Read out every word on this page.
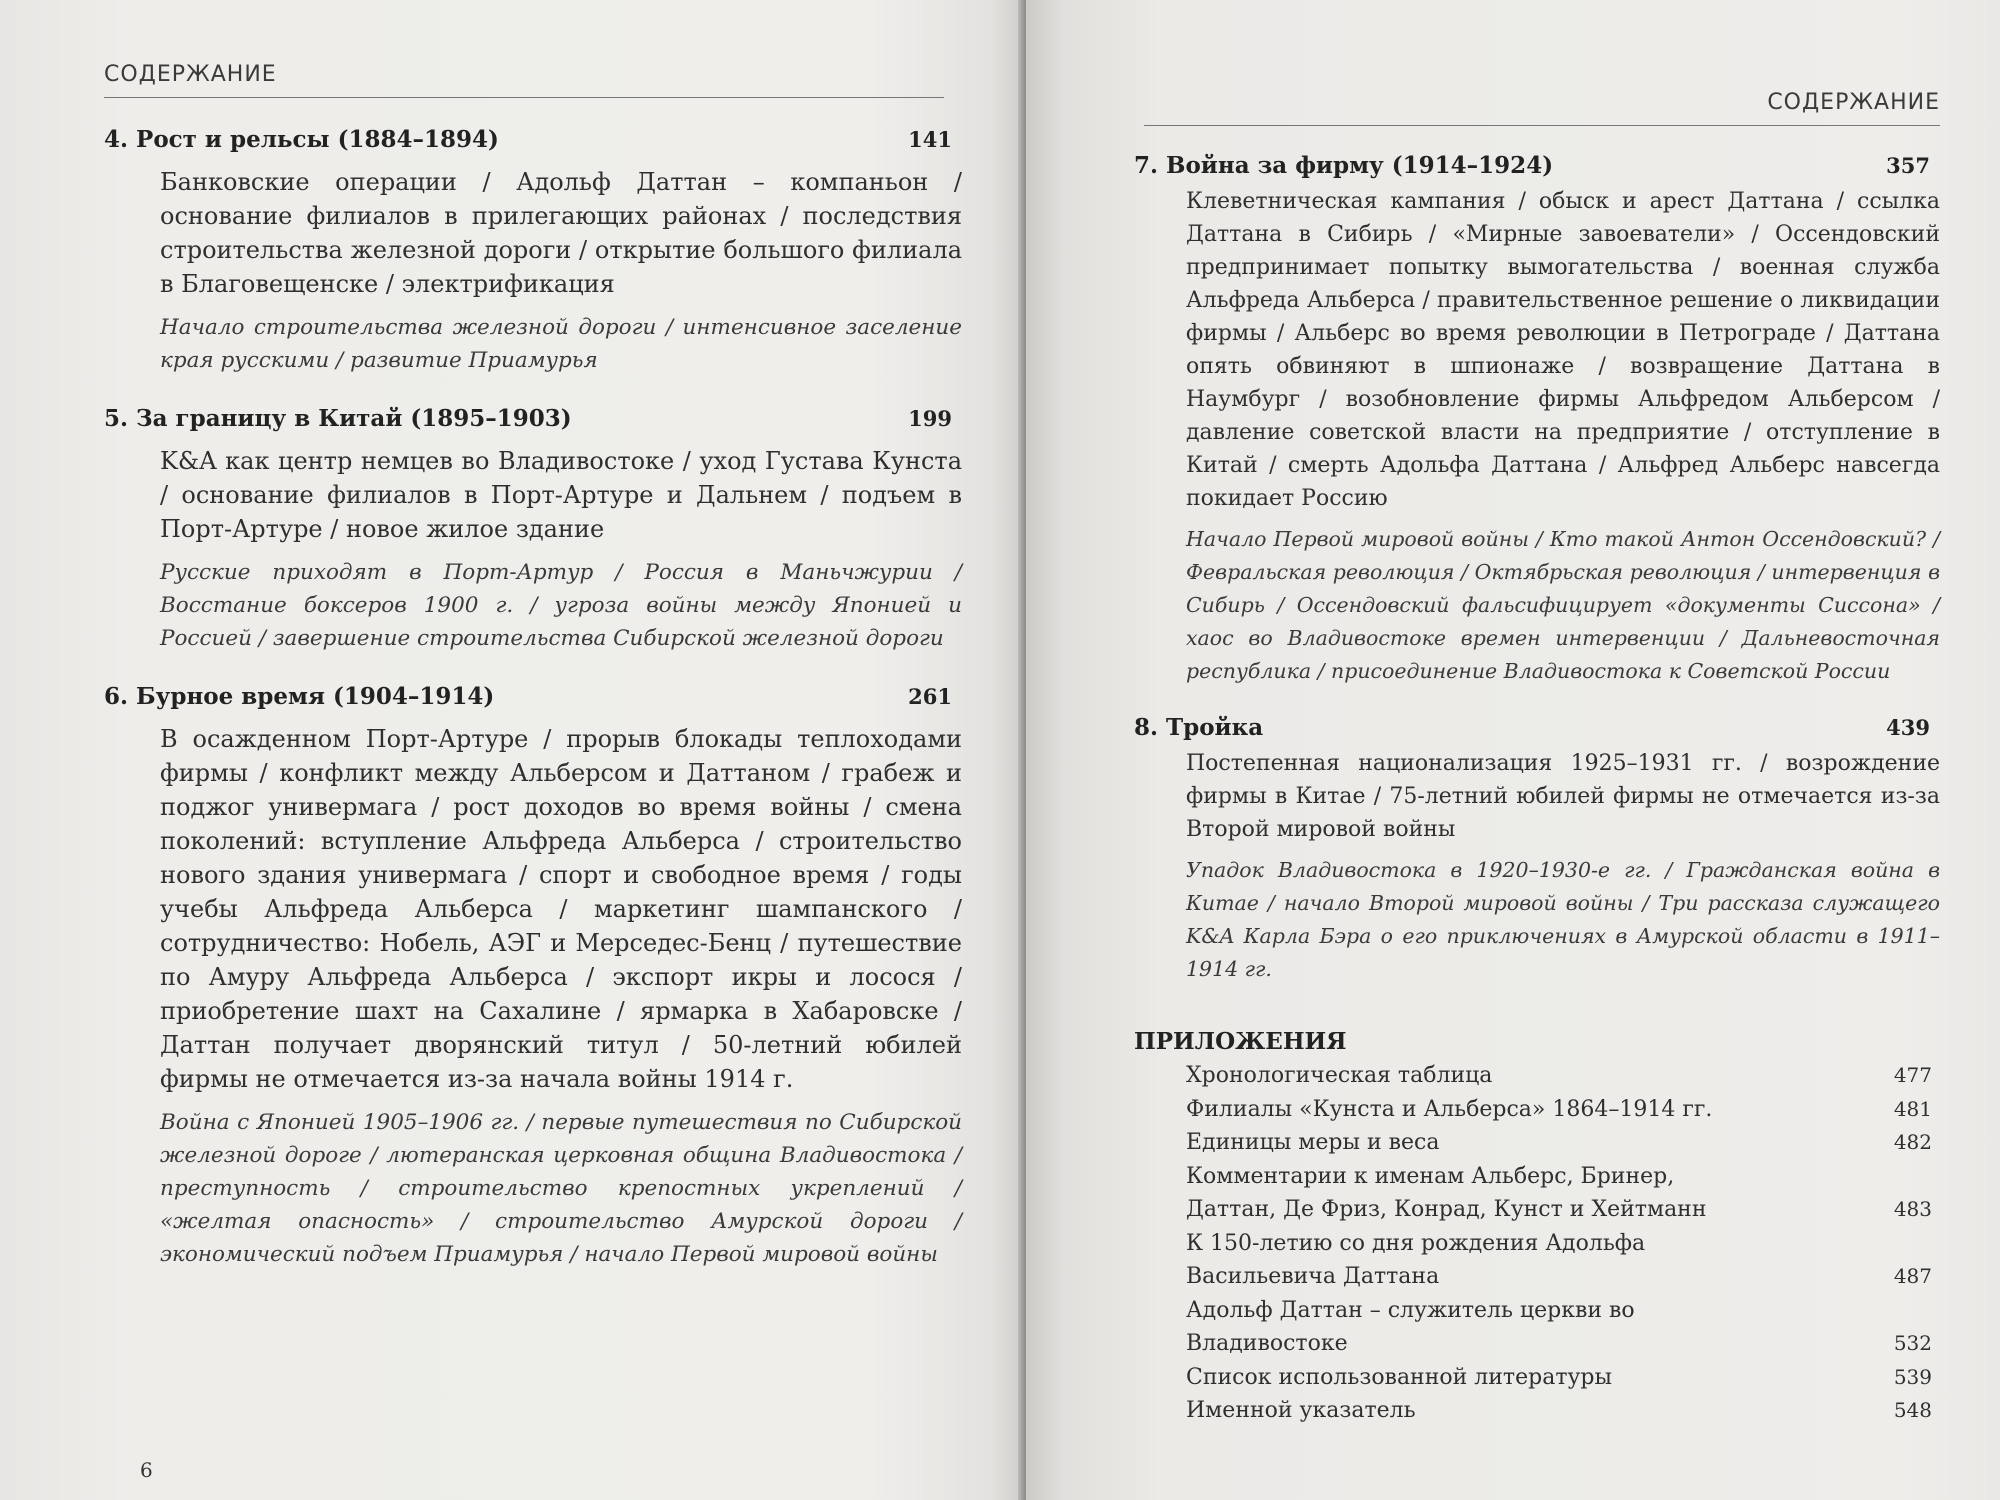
СОДЕРЖАНИЕ
4. Рост и рельсы (1884–1894)	141
Банковские операции / Адольф Даттан – компаньон / основание филиалов в прилегающих районах / последствия строительства железной дороги / открытие большого филиала в Благовещенске / электрификация
Начало строительства железной дороги / интенсивное заселение края русскими / развитие Приамурья
5. За границу в Китай (1895–1903)	199
K&A как центр немцев во Владивостоке / уход Густава Кунста / основание филиалов в Порт-Артуре и Дальнем / подъем в Порт-Артуре / новое жилое здание
Русские приходят в Порт-Артур / Россия в Маньчжурии / Восстание боксеров 1900 г. / угроза войны между Японией и Россией / завершение строительства Сибирской железной дороги
6. Бурное время (1904–1914)	261
В осажденном Порт-Артуре / прорыв блокады теплоходами фирмы / конфликт между Альберсом и Даттаном / грабеж и поджог универмага / рост доходов во время войны / смена поколений: вступление Альфреда Альберса / строительство нового здания универмага / спорт и свободное время / годы учебы Альфреда Альберса / маркетинг шампанского / сотрудничество: Нобель, АЭГ и Мерседес-Бенц / путешествие по Амуру Альфреда Альберса / экспорт икры и лосося / приобретение шахт на Сахалине / ярмарка в Хабаровске / Даттан получает дворянский титул / 50-летний юбилей фирмы не отмечается из-за начала войны 1914 г.
Война с Японией 1905–1906 гг. / первые путешествия по Сибирской железной дороге / лютеранская церковная община Владивостока / преступность / строительство крепостных укреплений / «желтая опасность» / строительство Амурской дороги / экономический подъем Приамурья / начало Первой мировой войны
6
СОДЕРЖАНИЕ
7. Война за фирму (1914–1924)	357
Клеветническая кампания / обыск и арест Даттана / ссылка Даттана в Сибирь / «Мирные завоеватели» / Оссендовский предпринимает попытку вымогательства / военная служба Альфреда Альберса / правительственное решение о ликвидации фирмы / Альберс во время революции в Петрограде / Даттана опять обвиняют в шпионаже / возвращение Даттана в Наумбург / возобновление фирмы Альфредом Альберсом / давление советской власти на предприятие / отступление в Китай / смерть Адольфа Даттана / Альфред Альберс навсегда покидает Россию
Начало Первой мировой войны / Кто такой Антон Оссендовский? / Февральская революция / Октябрьская революция / интервенция в Сибирь / Оссендовский фальсифицирует «документы Сиссона» / хаос во Владивостоке времен интервенции / Дальневосточная республика / присоединение Владивостока к Советской России
8. Тройка	439
Постепенная национализация 1925–1931 гг. / возрождение фирмы в Китае / 75-летний юбилей фирмы не отмечается из-за Второй мировой войны
Упадок Владивостока в 1920–1930-е гг. / Гражданская война в Китае / начало Второй мировой войны / Три рассказа служащего K&A Карла Бэра о его приключениях в Амурской области в 1911–1914 гг.
ПРИЛОЖЕНИЯ
Хронологическая таблица	477
Филиалы «Кунста и Альберса» 1864–1914 гг.	481
Единицы меры и веса	482
Комментарии к именам Альберс, Бринер, Даттан, Де Фриз, Конрад, Кунст и Хейтманн	483
К 150-летию со дня рождения Адольфа Васильевича Даттана	487
Адольф Даттан – служитель церкви во Владивостоке	532
Список использованной литературы	539
Именной указатель	548
